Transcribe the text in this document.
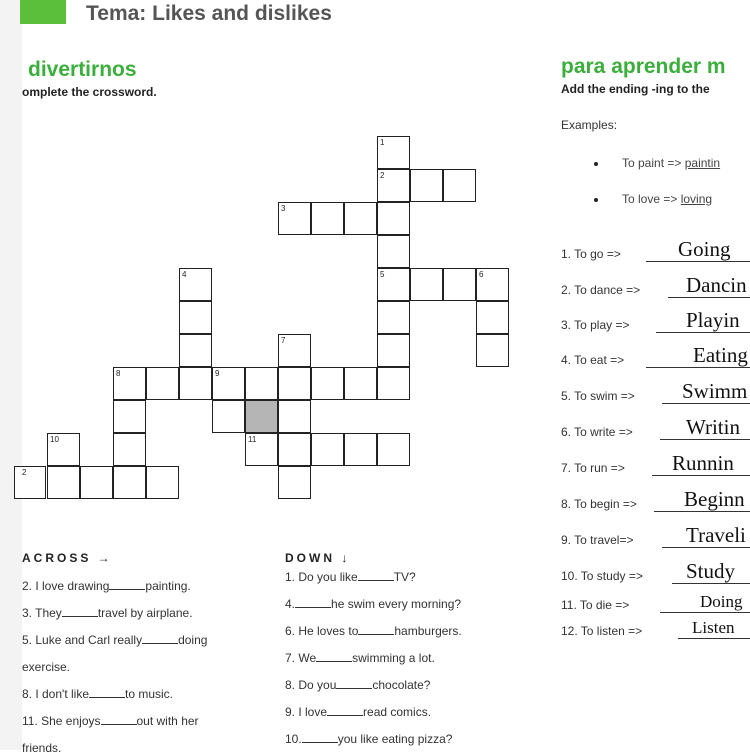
Tema: Likes and dislikes
divertirnos
omplete the crossword.
1
2
3
4	5	6
7
8	9
10	11
2
ACROSS →
2. I love drawing	painting.
3. They	travel by airplane.
5. Luke and Carl really	doing
exercise.
8. I don't like	to music.
11. She enjoys	out with her
friends.
DOWN ↓
1. Do you like	TV?
4.	he swim every morning?
6. He loves to	hamburgers.
7. We	swimming a lot.
8. Do you	chocolate?
9. I love	read comics.
10.	you like eating pizza?
para aprender m
Add the ending -ing to the
Examples:
To paint => paintin
To love => loving
1. To go =>	Going
2. To dance => Dancin
3. To play =>	Playin
4. To eat =>	Eating
5. To swim => Swimm
6. To write =>	Writin
7. To run => Runnin
8. To begin => Beginn
9. To travel=>	Traveli
10. To study => Study
11. To die =>	Doing
12. To listen =>	Listen
